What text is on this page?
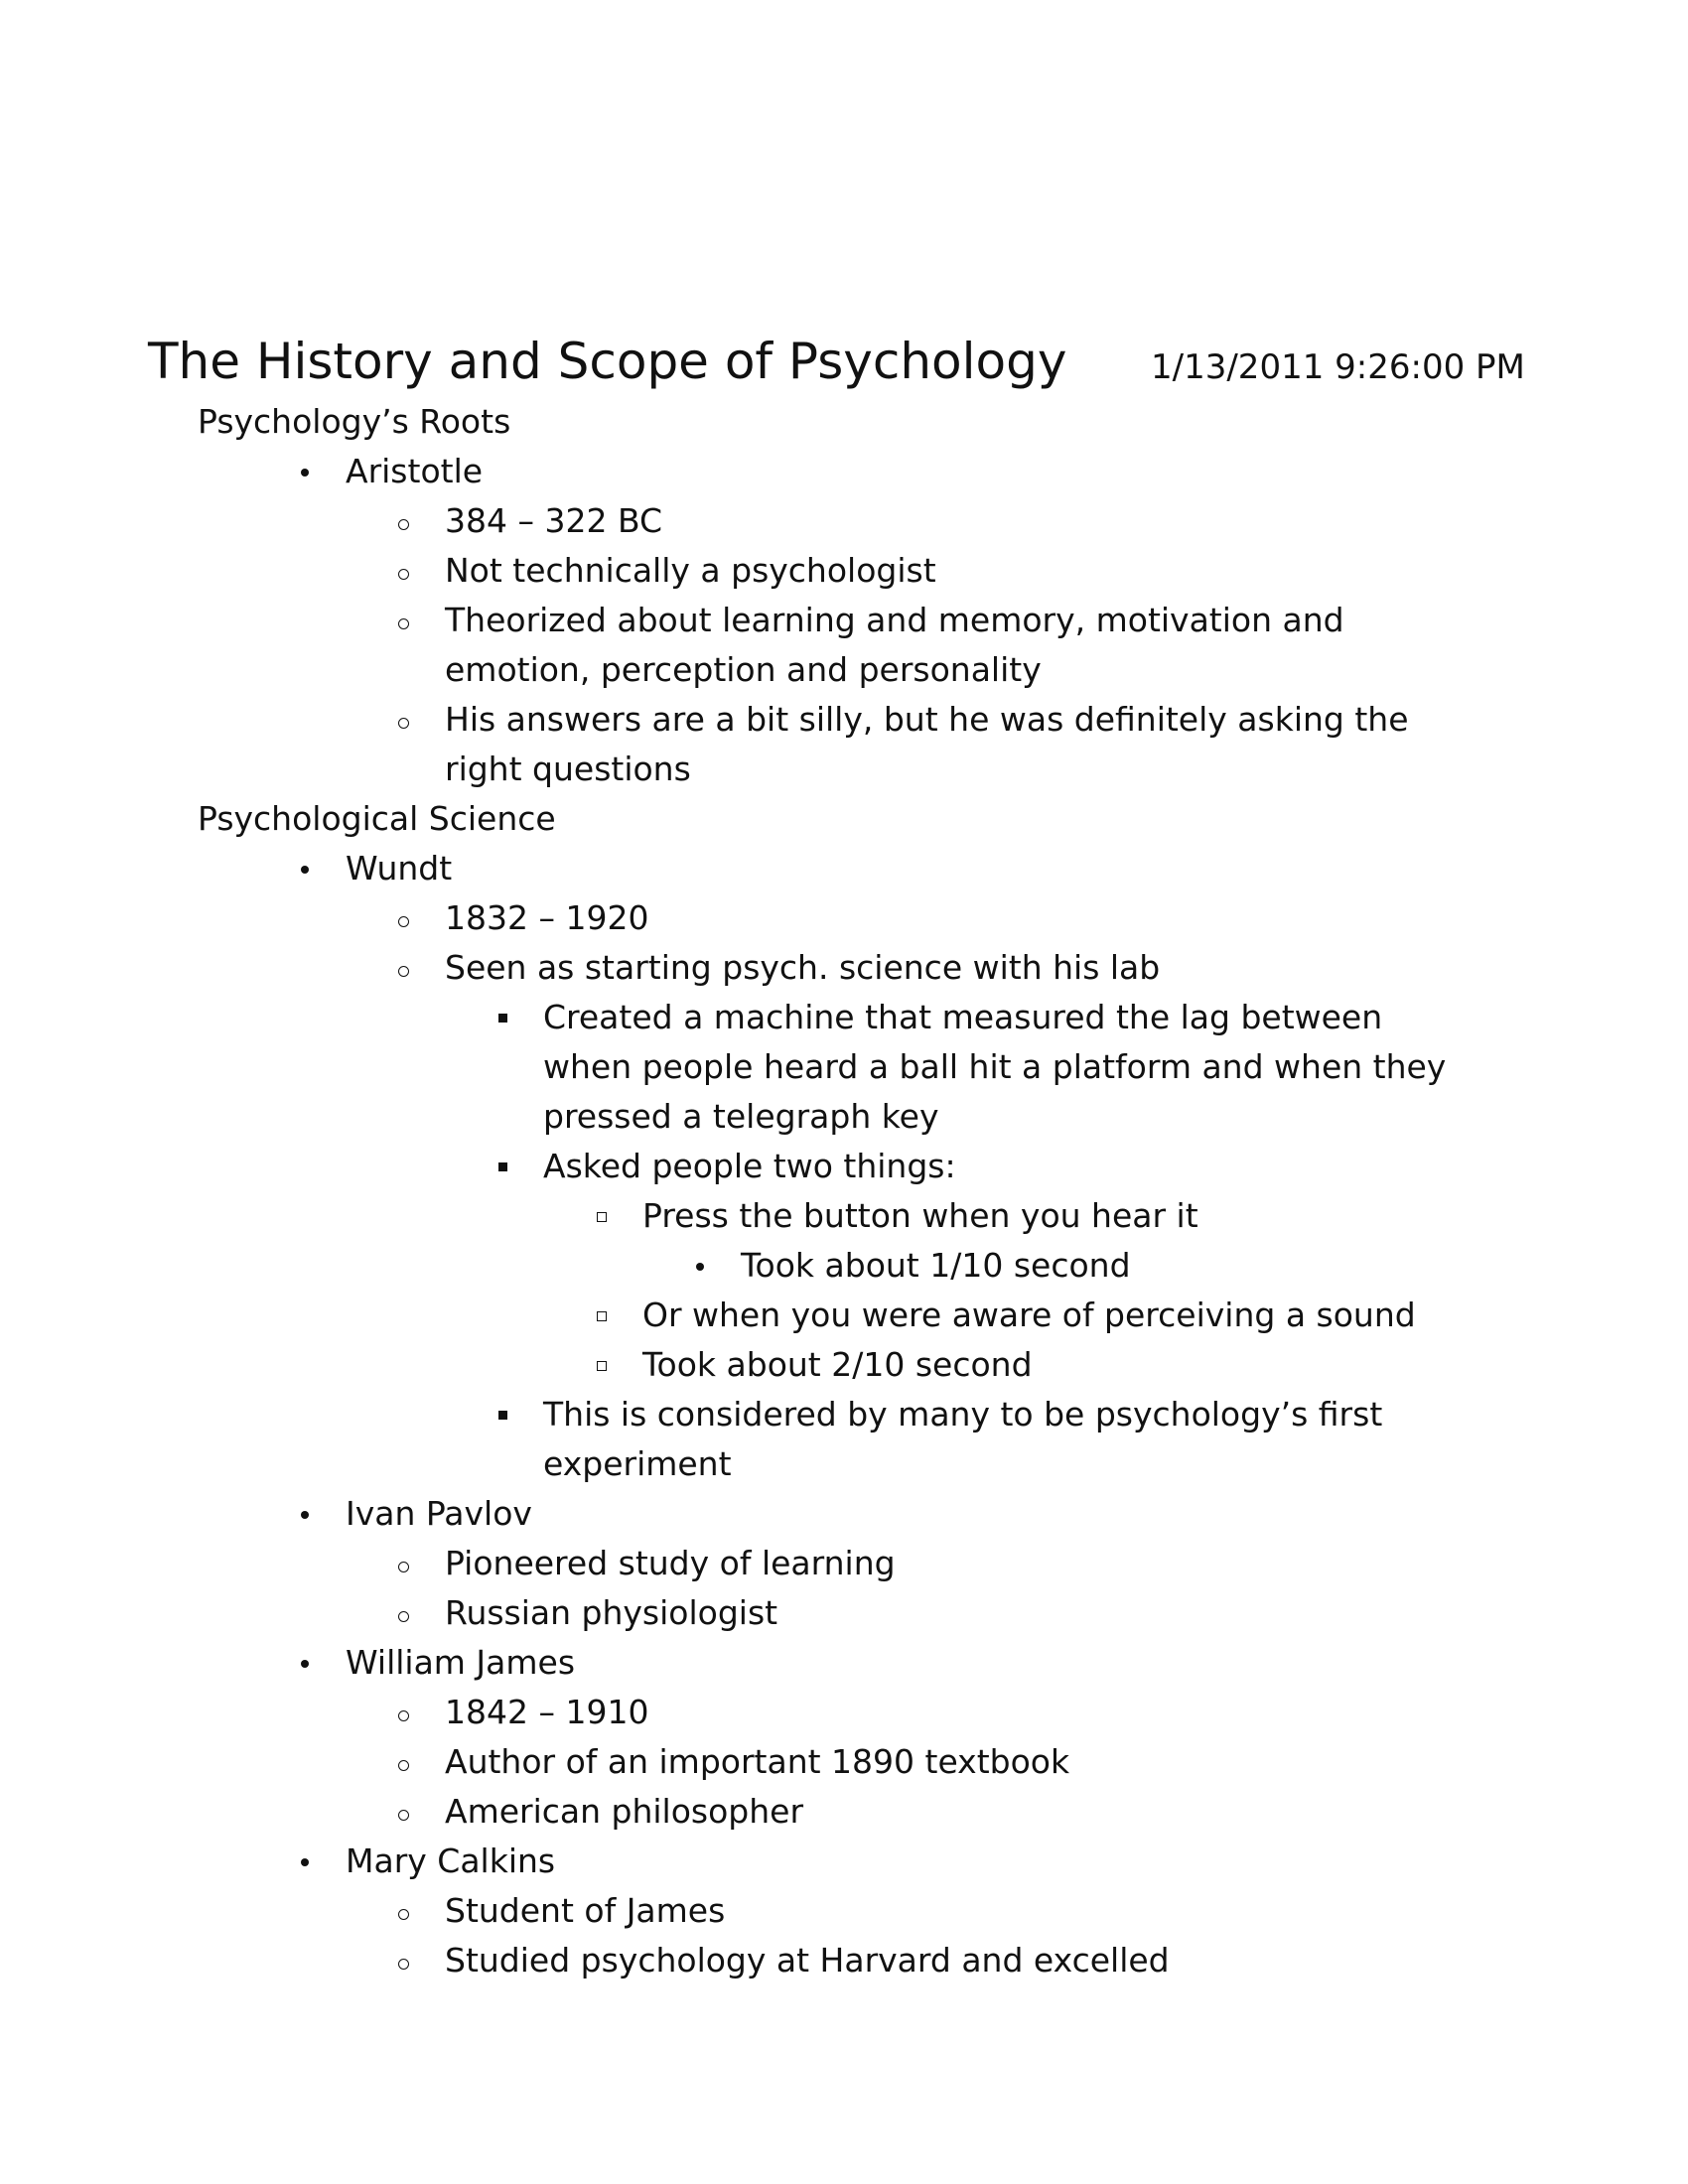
The History and Scope of Psychology 1/13/2011 9:26:00 PM
Psychology’s Roots
Aristotle
384 – 322 BC
Not technically a psychologist
Theorized about learning and memory, motivation and
emotion, perception and personality
His answers are a bit silly, but he was definitely asking the
right questions
Psychological Science
Wundt
1832 – 1920
Seen as starting psych. science with his lab
Created a machine that measured the lag between
when people heard a ball hit a platform and when they
pressed a telegraph key
Asked people two things:
Press the button when you hear it
Took about 1/10 second
Or when you were aware of perceiving a sound
Took about 2/10 second
This is considered by many to be psychology’s first
experiment
Ivan Pavlov
Pioneered study of learning
Russian physiologist
William James
1842 – 1910
Author of an important 1890 textbook
American philosopher
Mary Calkins
Student of James
Studied psychology at Harvard and excelled
